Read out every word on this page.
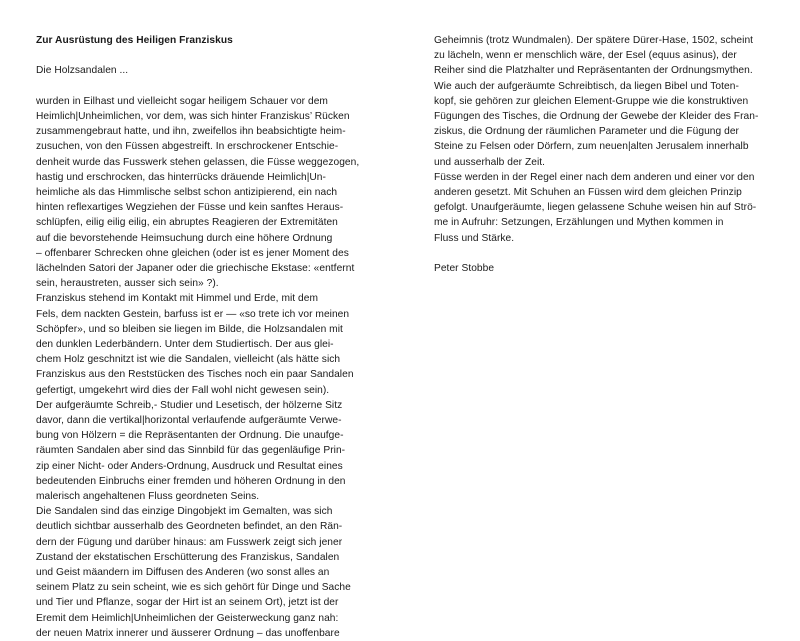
Zur Ausrüstung des Heiligen Franziskus
Die Holzsandalen ...
wurden in Eilhast und vielleicht sogar heiligem Schauer vor dem
Heimlich|Unheimlichen, vor dem, was sich hinter Franziskus’ Rücken
zusammengebraut hatte, und ihn, zweifellos ihn beabsichtigte heim-
zusuchen, von den Füssen abgestreift. In erschrockener Entschie-
denheit wurde das Fusswerk stehen gelassen, die Füsse weggezogen,
hastig und erschrocken, das hinterrücks dräuende Heimlich|Un-
heimliche als das Himmlische selbst schon antizipierend, ein nach
hinten reflexartiges Wegziehen der Füsse und kein sanftes Heraus-
schlüpfen, eilig eilig eilig, ein abruptes Reagieren der Extremitäten
auf die bevorstehende Heimsuchung durch eine höhere Ordnung
– offenbarer Schrecken ohne gleichen (oder ist es jener Moment des
lächelnden Satori der Japaner oder die griechische Ekstase: «entfernt
sein, heraustreten, ausser sich sein» ?).
Franziskus stehend im Kontakt mit Himmel und Erde, mit dem
Fels, dem nackten Gestein, barfuss ist er — «so trete ich vor meinen
Schöpfer», und so bleiben sie liegen im Bilde, die Holzsandalen mit
den dunklen Lederbändern. Unter dem Studiertisch. Der aus glei-
chem Holz geschnitzt ist wie die Sandalen, vielleicht (als hätte sich
Franziskus aus den Reststücken des Tisches noch ein paar Sandalen
gefertigt, umgekehrt wird dies der Fall wohl nicht gewesen sein).
Der aufgeräumte Schreib,- Studier und Lesetisch, der hölzerne Sitz
davor, dann die vertikal|horizontal verlaufende aufgeräumte Verwe-
bung von Hölzern = die Repräsentanten der Ordnung. Die unaufge-
räumten Sandalen aber sind das Sinnbild für das gegenläufige Prin-
zip einer Nicht- oder Anders-Ordnung, Ausdruck und Resultat eines
bedeutenden Einbruchs einer fremden und höheren Ordnung in den
malerisch angehaltenen Fluss geordneten Seins.
Die Sandalen sind das einzige Dingobjekt im Gemalten, was sich
deutlich sichtbar ausserhalb des Geordneten befindet, an den Rän-
dern der Fügung und darüber hinaus: am Fusswerk zeigt sich jener
Zustand der ekstatischen Erschütterung des Franziskus, Sandalen
und Geist mäandern im Diffusen des Anderen (wo sonst alles an
seinem Platz zu sein scheint, wie es sich gehört für Dinge und Sache
und Tier und Pflanze, sogar der Hirt ist an seinem Ort), jetzt ist der
Eremit dem Heimlich|Unheimlichen der Geisterweckung ganz nah:
der neuen Matrix innerer und äusserer Ordnung – das unoffenbare
Geheimnis (trotz Wundmalen). Der spätere Dürer-Hase, 1502, scheint
zu lächeln, wenn er menschlich wäre, der Esel (equus asinus), der
Reiher sind die Platzhalter und Repräsentanten der Ordnungsmythen.
Wie auch der aufgeräumte Schreibtisch, da liegen Bibel und Toten-
kopf, sie gehören zur gleichen Element-Gruppe wie die konstruktiven
Fügungen des Tisches, die Ordnung der Gewebe der Kleider des Fran-
ziskus, die Ordnung der räumlichen Parameter und die Fügung der
Steine zu Felsen oder Dörfern, zum neuen|alten Jerusalem innerhalb
und ausserhalb der Zeit.
Füsse werden in der Regel einer nach dem anderen und einer vor den
anderen gesetzt. Mit Schuhen an Füssen wird dem gleichen Prinzip
gefolgt. Unaufgeräumte, liegen gelassene Schuhe weisen hin auf Strö-
me in Aufruhr: Setzungen, Erzählungen und Mythen kommen in
Fluss und Stärke.
Peter Stobbe
